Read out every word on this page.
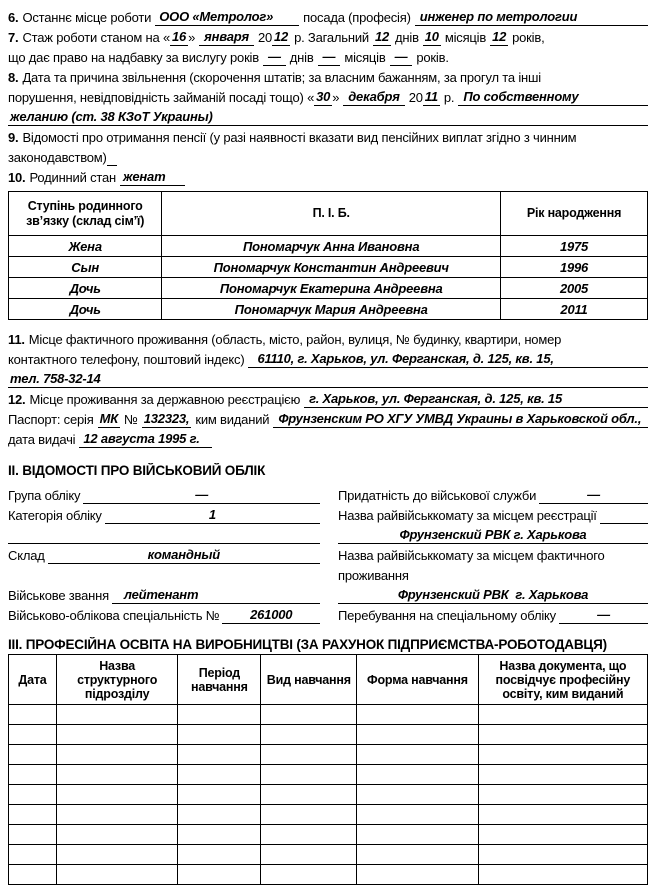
6. Останнє місце роботи ООО «Метролог»	посада (професія) инженер по метрологии
7. Стаж роботи станом на « 16 » января 20 12 р. Загальний 12 днів 10 місяців 12 років,
що дає право на надбавку за вислугу років — днів — місяців — років.
8. Дата та причина звільнення (скорочення штатів; за власним бажанням, за прогул та інші
порушення, невідповідність займаній посаді тощо) « 30 » декабря 20 11 р. По собственному
желанию (ст. 38 КЗоТ Украины)
9. Відомості про отримання пенсії (у разі наявності вказати вид пенсійних виплат згідно з чинним
законодавством)
10. Родинний стан женат
Ступінь родинного зв’язку (склад сім’ї)	П. І. Б.	Рік народження
Жена	Пономарчук Анна Ивановна	1975
Сын	Пономарчук Константин Андреевич	1996
Дочь	Пономарчук Екатерина Андреевна	2005
Дочь	Пономарчук Мария Андреевна	2011
11. Місце фактичного проживання (область, місто, район, вулиця, № будинку, квартири, номер
контактного телефону, поштовий індекс)	61110, г. Харьков, ул. Ферганская, д. 125, кв. 15,
тел. 758-32-14
12. Місце проживання за державною реєстрацією г. Харьков, ул. Ферганская, д. 125, кв. 15
Паспорт: серія МК № 132323, ким виданий Фрунзенским РО ХГУ УМВД Украины в Харьковской обл.,
дата видачі 12 августа 1995 г.
ІІ. ВІДОМОСТІ ПРО ВІЙСЬКОВИЙ ОБЛІК
Група обліку	—
Категорія обліку	1
Склад	командный
Військове звання	лейтенант
Військово-облікова спеціальність №	261000
Придатність до військової служби	—
Назва райвійськкомату за місцем реєстрації
Фрунзенский РВК г. Харькова
Назва райвійськкомату за місцем фактичного
проживання
Фрунзенский РВК  г. Харькова
Перебування на спеціальному обліку	—
ІІІ. ПРОФЕСІЙНА ОСВІТА НА ВИРОБНИЦТВІ (ЗА РАХУНОК ПІДПРИЄМСТВА-РОБОТОДАВЦЯ)
Дата	Назва структурного підрозділу	Період навчання	Вид навчання	Форма навчання	Назва документа, що посвідчує професійну освіту, ким виданий
